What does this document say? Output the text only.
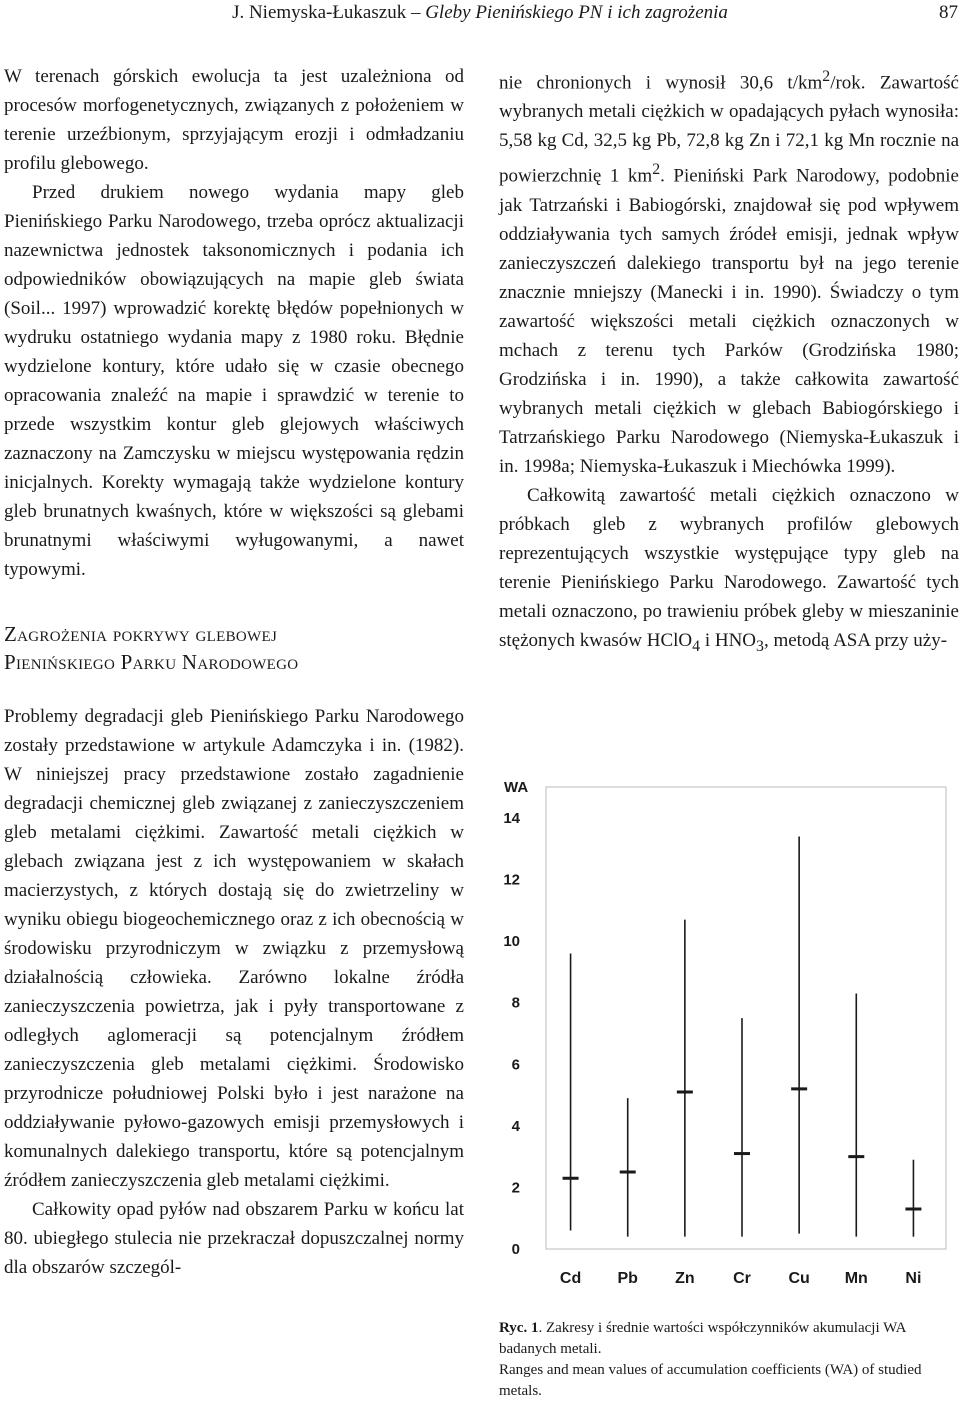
J. Niemyska-Łukaszuk – Gleby Pienińskiego PN i ich zagrożenia	87

W terenach górskich ewolucja ta jest uzależniona od procesów morfogenetycznych, związanych z położeniem w terenie urzeźbionym, sprzyjającym erozji i odmładzaniu profilu glebowego.

Przed drukiem nowego wydania mapy gleb Pienińskiego Parku Narodowego, trzeba oprócz aktualizacji nazewnictwa jednostek taksonomicznych i podania ich odpowiedników obowiązujących na mapie gleb świata (Soil... 1997) wprowadzić korektę błędów popełnionych w wydruku ostatniego wydania mapy z 1980 roku. Błędnie wydzielone kontury, które udało się w czasie obecnego opracowania znaleźć na mapie i sprawdzić w terenie to przede wszystkim kontur gleb glejowych właściwych zaznaczony na Zamczysku w miejscu występowania rędzin inicjalnych. Korekty wymagają także wydzielone kontury gleb brunatnych kwaśnych, które w większości są glebami brunatnymi właściwymi wyługowanymi, a nawet typowymi.

Zagrożenia pokrywy glebowej
Pienińskiego Parku Narodowego

Problemy degradacji gleb Pienińskiego Parku Narodowego zostały przedstawione w artykule Adamczyka i in. (1982). W niniejszej pracy przedstawione zostało zagadnienie degradacji chemicznej gleb związanej z zanieczyszczeniem gleb metalami ciężkimi. Zawartość metali ciężkich w glebach związana jest z ich występowaniem w skałach macierzystych, z których dostają się do zwietrzeliny w wyniku obiegu biogeochemicznego oraz z ich obecnością w środowisku przyrodniczym w związku z przemysłową działalnością człowieka. Zarówno lokalne źródła zanieczyszczenia powietrza, jak i pyły transportowane z odległych aglomeracji są potencjalnym źródłem zanieczyszczenia gleb metalami ciężkimi. Środowisko przyrodnicze południowej Polski było i jest narażone na oddziaływanie pyłowo-gazowych emisji przemysłowych i komunalnych dalekiego transportu, które są potencjalnym źródłem zanieczyszczenia gleb metalami ciężkimi.

Całkowity opad pyłów nad obszarem Parku w końcu lat 80. ubiegłego stulecia nie przekraczał dopuszczalnej normy dla obszarów szczegól-

nie chronionych i wynosił 30,6 $t/km^2$/rok. Zawartość wybranych metali ciężkich w opadających pyłach wynosiła: 5,58 kg Cd, 32,5 kg Pb, 72,8 kg Zn i 72,1 kg Mn rocznie na powierzchnię 1 $km^2$. Pieniński Park Narodowy, podobnie jak Tatrzański i Babiogórski, znajdował się pod wpływem oddziaływania tych samych źródeł emisji, jednak wpływ zanieczyszczeń dalekiego transportu był na jego terenie znacznie mniejszy (Manecki i in. 1990). Świadczy o tym zawartość większości metali ciężkich oznaczonych w mchach z terenu tych Parków (Grodzińska 1980; Grodzińska i in. 1990), a także całkowita zawartość wybranych metali ciężkich w glebach Babiogórskiego i Tatrzańskiego Parku Narodowego (Niemyska-Łukaszuk i in. 1998a; Niemyska-Łukaszuk i Miechówka 1999).

Całkowitą zawartość metali ciężkich oznaczono w próbkach gleb z wybranych profilów glebowych reprezentujących wszystkie występujące typy gleb na terenie Pienińskiego Parku Narodowego. Zawartość tych metali oznaczono, po trawieniu próbek gleby w mieszaninie stężonych kwasów HClO$_4$ i $HNO_3$, metodą ASA przy uży-

WA
0
2
4
6
8
10
12
14
Cd Pb Zn Cr Cu Mn Ni

Ryc. 1. Zakresy i średnie wartości współczynników akumulacji WA badanych metali.

Ranges and mean values of accumulation coefficients (WA) of studied metals.
